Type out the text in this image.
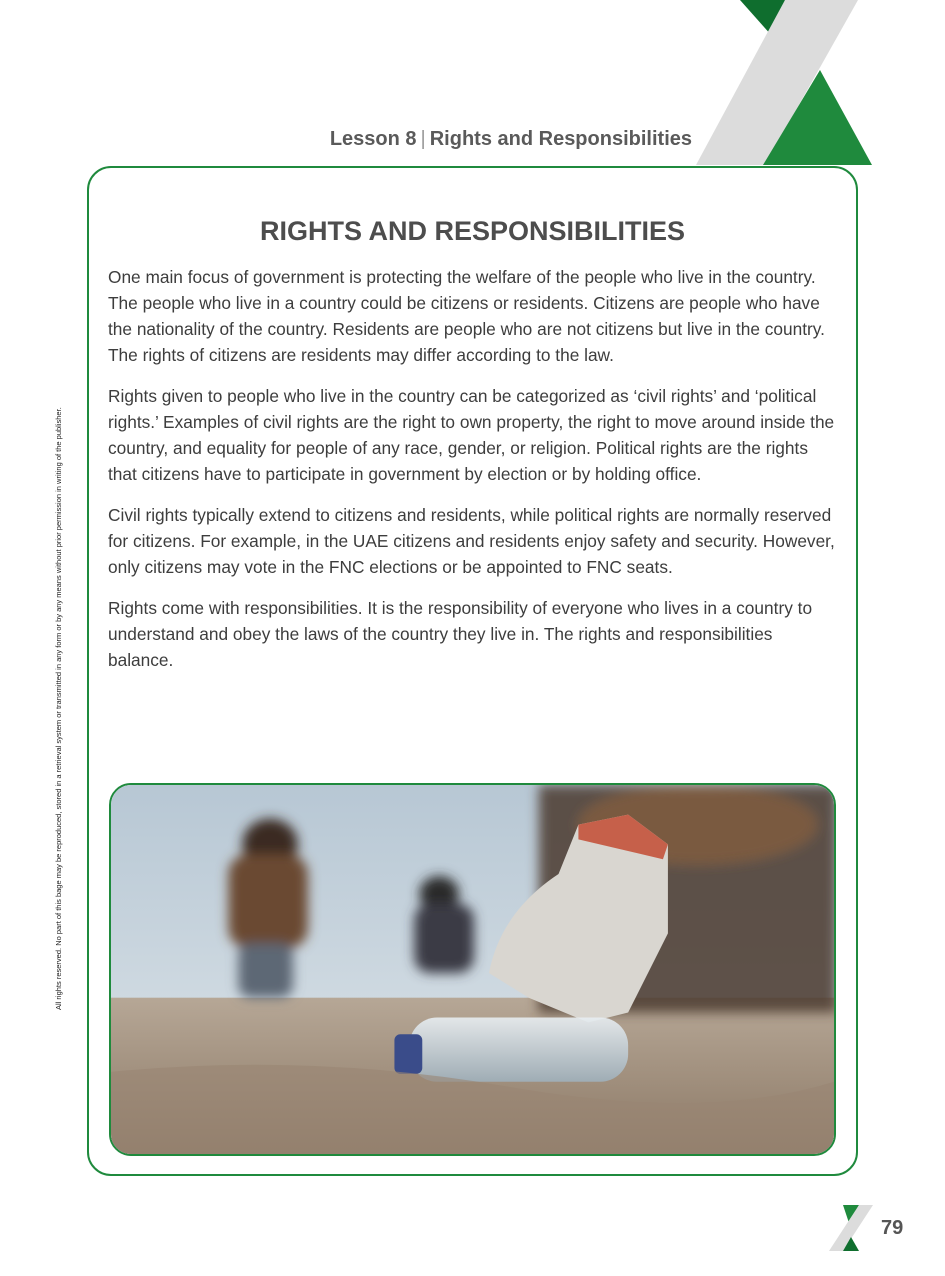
Lesson 8 | Rights and Responsibilities
All rights reserved. No part of this bage may be reproduced, stored in a retrieval system or transmitted in any form or by any means without prior permission in writing of the publisher.
RIGHTS AND RESPONSIBILITIES

One main focus of government is protecting the welfare of the people who live in the country. The people who live in a country could be citizens or residents. Citizens are people who have the nationality of the country. Residents are people who are not citizens but live in the country. The rights of citizens are residents may differ according to the law.

Rights given to people who live in the country can be categorized as ‘civil rights’ and ‘political rights.’ Examples of civil rights are the right to own property, the right to move around inside the country, and equality for people of any race, gender, or religion. Political rights are the rights that citizens have to participate in government by election or by holding office.

Civil rights typically extend to citizens and residents, while political rights are normally reserved for citizens. For example, in the UAE citizens and residents enjoy safety and security. However, only citizens may vote in the FNC elections or be appointed to FNC seats.

Rights come with responsibilities. It is the responsibility of everyone who lives in a country to understand and obey the laws of the country they live in. The rights and responsibilities balance.

79
